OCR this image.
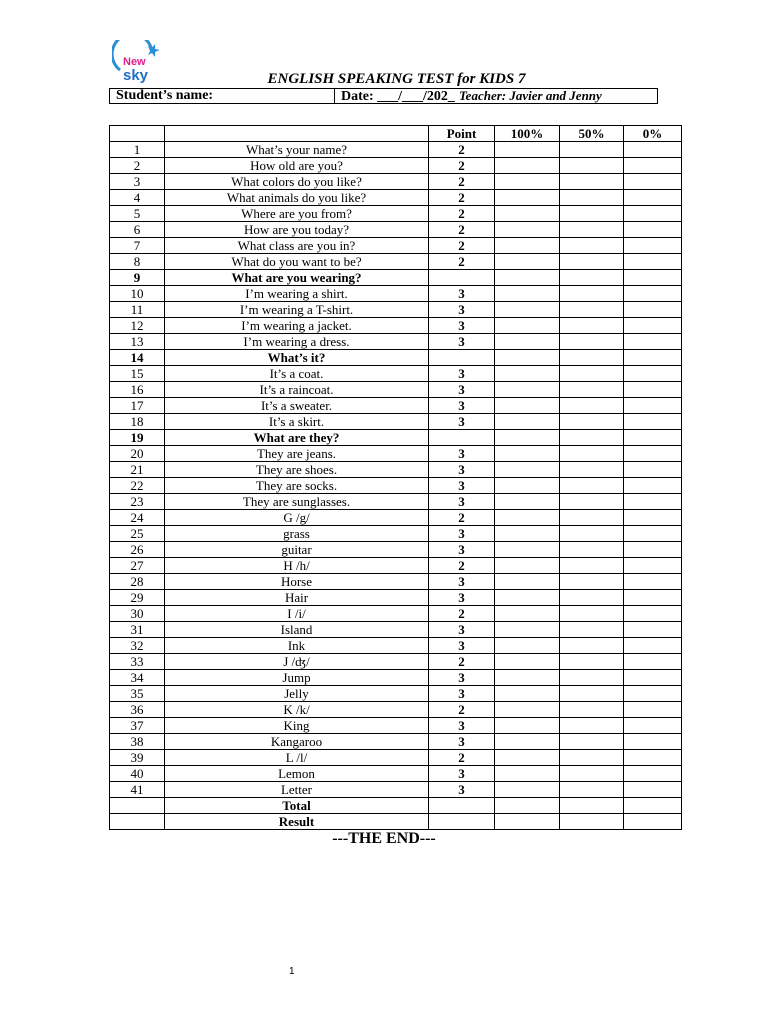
New
sky	ENGLISH SPEAKING TEST for KIDS 7
Student’s name:	Date: ___/___/202_ Teacher: Javier and Jenny
		Point	100%	50%	0%
1	What’s your name?	2			
2	How old are you?	2			
3	What colors do you like?	2			
4	What animals do you like?	2			
5	Where are you from?	2			
6	How are you today?	2			
7	What class are you in?	2			
8	What do you want to be?	2			
9	What are you wearing?				
10	I’m wearing a shirt.	3			
11	I’m wearing a T-shirt.	3			
12	I’m wearing a jacket.	3			
13	I’m wearing a dress.	3			
14	What’s it?				
15	It’s a coat.	3			
16	It’s a raincoat.	3			
17	It’s a sweater.	3			
18	It’s a skirt.	3			
19	What are they?				
20	They are jeans.	3			
21	They are shoes.	3			
22	They are socks.	3			
23	They are sunglasses.	3			
24	G /g/	2			
25	grass	3			
26	guitar	3			
27	H /h/	2			
28	Horse	3			
29	Hair	3			
30	I /i/	2			
31	Island	3			
32	Ink	3			
33	J /ʤ/	2			
34	Jump	3			
35	Jelly	3			
36	K /k/	2			
37	King	3			
38	Kangaroo	3			
39	L /l/	2			
40	Lemon	3			
41	Letter	3			
	Total				
	Result				
---THE END---
1
